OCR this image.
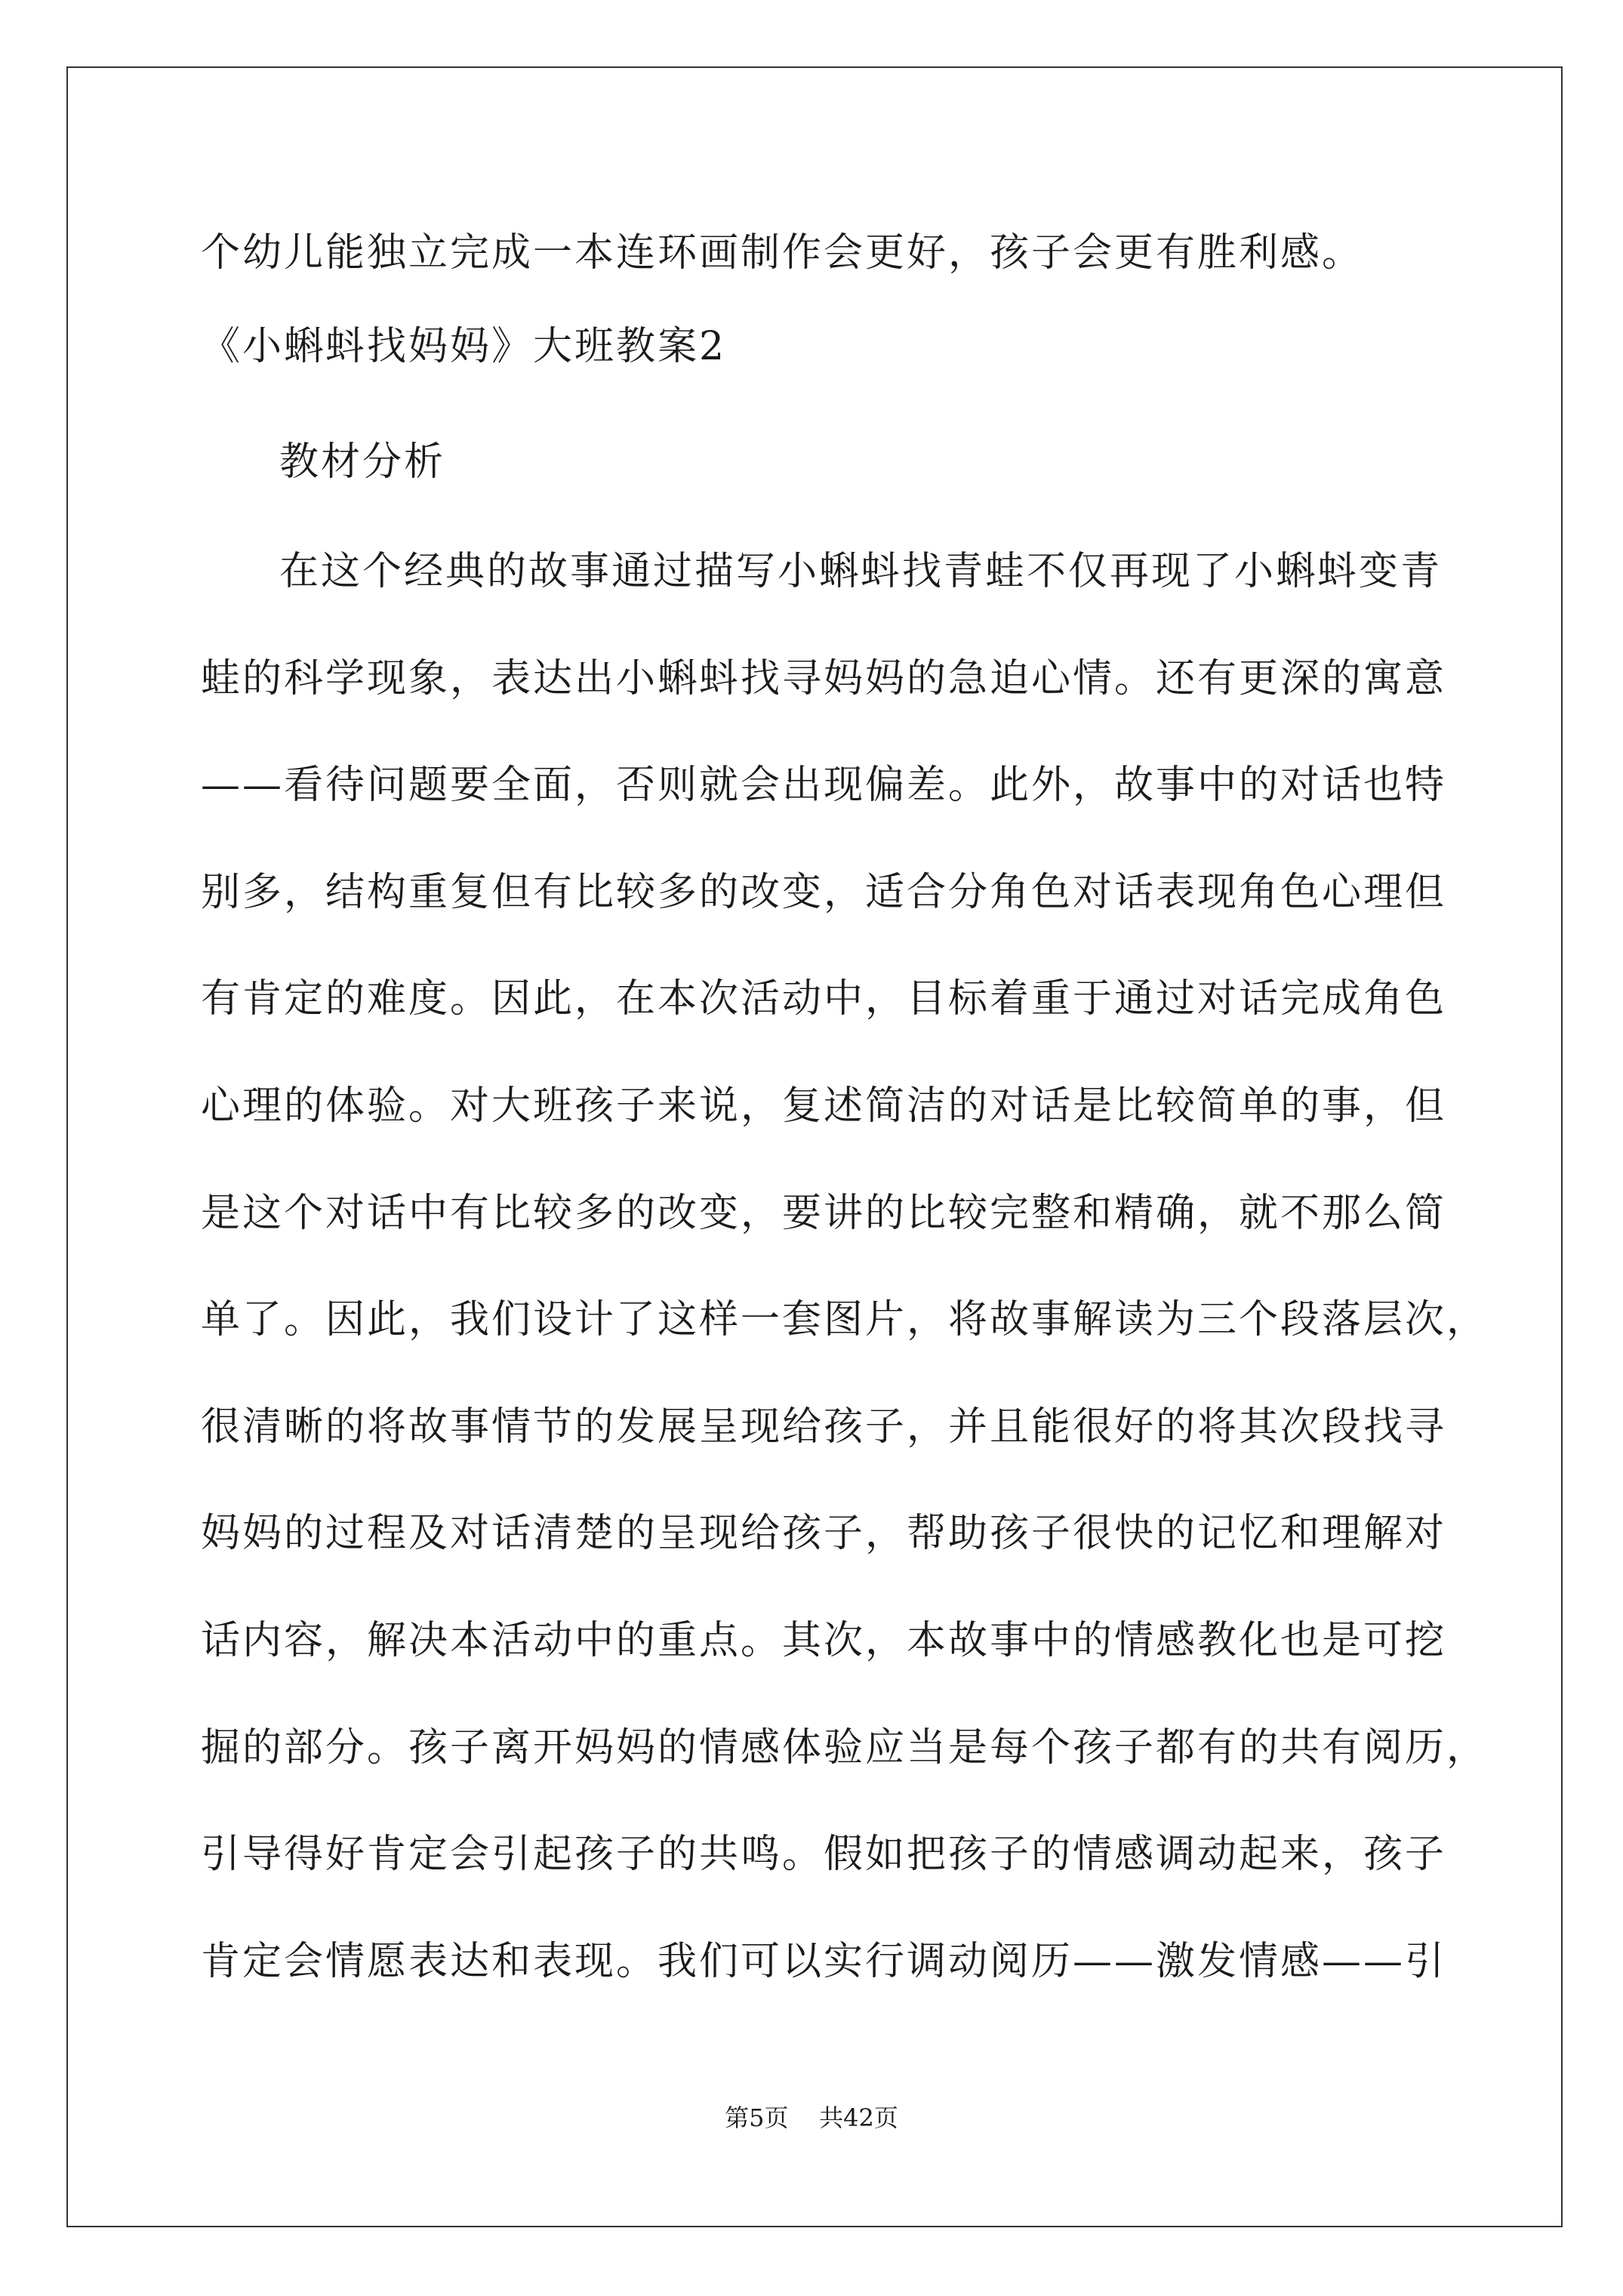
个幼儿能独立完成一本连环画制作会更好，孩子会更有胜利感。
《小蝌蚪找妈妈》大班教案2
教材分析
在这个经典的故事通过描写小蝌蚪找青蛙不仅再现了小蝌蚪变青
蛙的科学现象，表达出小蝌蚪找寻妈妈的急迫心情。还有更深的寓意
——看待问题要全面，否则就会出现偏差。此外，故事中的对话也特
别多，结构重复但有比较多的改变，适合分角色对话表现角色心理但
有肯定的难度。因此，在本次活动中，目标着重于通过对话完成角色
心理的体验。对大班孩子来说，复述简洁的对话是比较简单的事，但
是这个对话中有比较多的改变，要讲的比较完整和精确，就不那么简
单了。因此，我们设计了这样一套图片，将故事解读为三个段落层次，
很清晰的将故事情节的发展呈现给孩子，并且能很好的将其次段找寻
妈妈的过程及对话清楚的呈现给孩子，帮助孩子很快的记忆和理解对
话内容，解决本活动中的重点。其次，本故事中的情感教化也是可挖
掘的部分。孩子离开妈妈的情感体验应当是每个孩子都有的共有阅历，
引导得好肯定会引起孩子的共鸣。假如把孩子的情感调动起来，孩子
肯定会情愿表达和表现。我们可以实行调动阅历——激发情感——引
第5页 共42页
